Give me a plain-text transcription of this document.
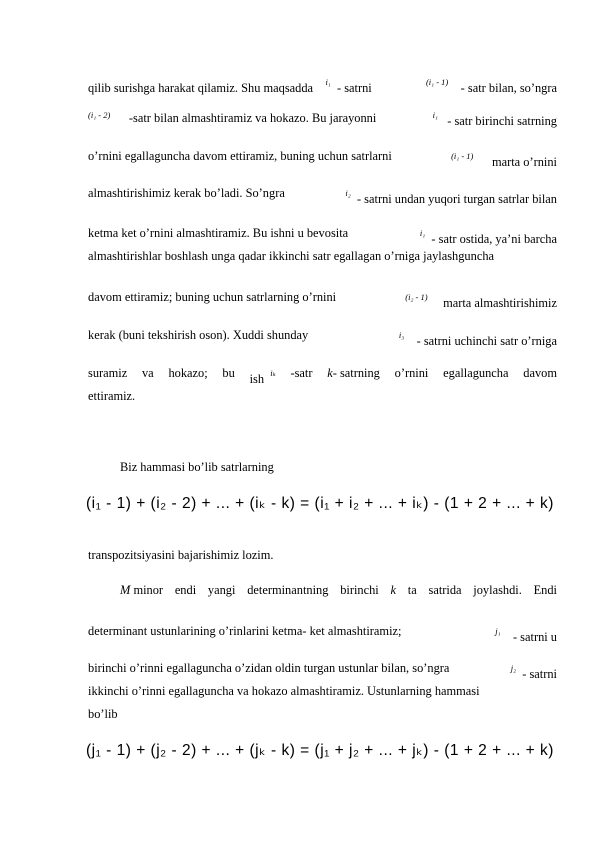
qilib surishga harakat qilamiz. Shu maqsadda $^{i_1}$ - satrni	$^{(i_1 - 1)}$ - satr bilan, so’ngra
$^{(i_1 - 2)}$ -satr bilan almashtiramiz va hokazo. Bu jarayonni	$^{i_1}$ - satr birinchi satrning
o’rnini egallaguncha davom ettiramiz, buning uchun satrlarni	$^{(i_1 - 1)}$ marta o’rnini
almashtirishimiz kerak bo’ladi. So’ngra	$^{i_2}$ - satrni undan yuqori turgan satrlar bilan
ketma ket o’rnini almashtiramiz. Bu ishni u bevosita	$^{i_1}$ - satr ostida, ya’ni barcha
almashtirishlar boshlash unga qadar ikkinchi satr egallagan o’rniga jaylashguncha
davom ettiramiz; buning uchun satrlarning o’rnini	$^{(i_2 - 1)}$ marta almashtirishimiz
kerak (buni tekshirish oson). Xuddi shunday	$^{i_3}$ - satrni uchinchi satr o’rniga
suramiz va hokazo; bu ish $^{i_k}$ -satr k- satrning o’rnini egallaguncha davom
ettiramiz.
Biz hammasi bo’lib satrlarning
(i₁ - 1) + (i₂ - 2) + ... + (iₖ - k) = (i₁ + i₂ + ... + iₖ) - (1 + 2 + ... + k)
transpozitsiyasini bajarishimiz lozim.
M minor endi yangi determinantning birinchi k ta satrida joylashdi. Endi
determinant ustunlarining o’rinlarini ketma- ket almashtiramiz;	$^{j_1}$ - satrni u
birinchi o’rinni egallaguncha o’zidan oldin turgan ustunlar bilan, so’ngra	$^{j_2}$ - satrni
ikkinchi o’rinni egallaguncha va hokazo almashtiramiz. Ustunlarning hammasi
bo’lib
(j₁ - 1) + (j₂ - 2) + ... + (jₖ - k) = (j₁ + j₂ + ... + jₖ) - (1 + 2 + ... + k)
